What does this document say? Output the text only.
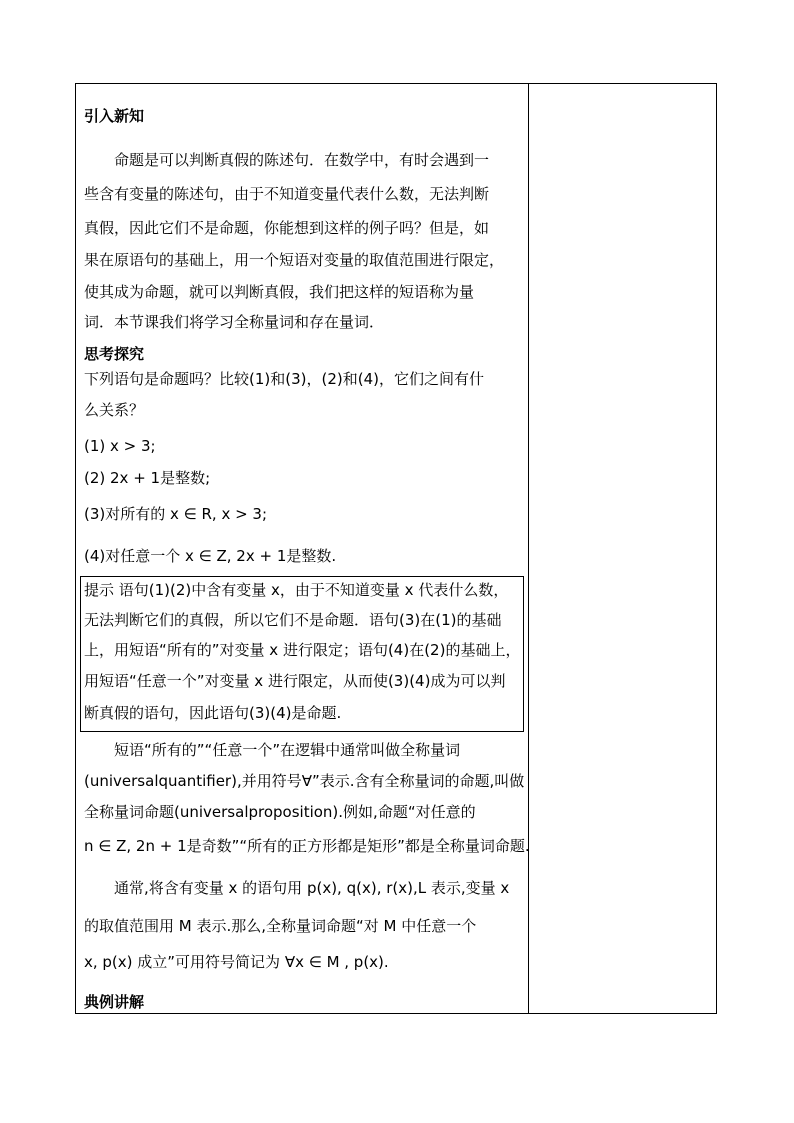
引入新知
命题是可以判断真假的陈述句．在数学中，有时会遇到一
些含有变量的陈述句，由于不知道变量代表什么数，无法判断
真假，因此它们不是命题，你能想到这样的例子吗？但是，如
果在原语句的基础上，用一个短语对变量的取值范围进行限定，
使其成为命题，就可以判断真假，我们把这样的短语称为量
词．本节课我们将学习全称量词和存在量词．
思考探究
下列语句是命题吗？比较(1)和(3)，(2)和(4)，它们之间有什
么关系？
(1) x > 3;
(2) 2x + 1是整数;
(3)对所有的 x ∈ R, x > 3;
(4)对任意一个 x ∈ Z, 2x + 1是整数.
提示 语句(1)(2)中含有变量 x，由于不知道变量 x 代表什么数，
无法判断它们的真假，所以它们不是命题．语句(3)在(1)的基础
上，用短语“所有的”对变量 x 进行限定；语句(4)在(2)的基础上，
用短语“任意一个”对变量 x 进行限定，从而使(3)(4)成为可以判
断真假的语句，因此语句(3)(4)是命题.
短语“所有的”“任意一个”在逻辑中通常叫做全称量词
(universalquantifier),并用符号∀”表示.含有全称量词的命题,叫做
全称量词命题(universalproposition).例如,命题“对任意的
n ∈ Z, 2n + 1是奇数”“所有的正方形都是矩形”都是全称量词命题.
通常,将含有变量 x 的语句用 p(x), q(x), r(x),L 表示,变量 x
的取值范围用 M 表示.那么,全称量词命题“对 M 中任意一个
x, p(x) 成立”可用符号简记为 ∀x ∈ M , p(x).
典例讲解
